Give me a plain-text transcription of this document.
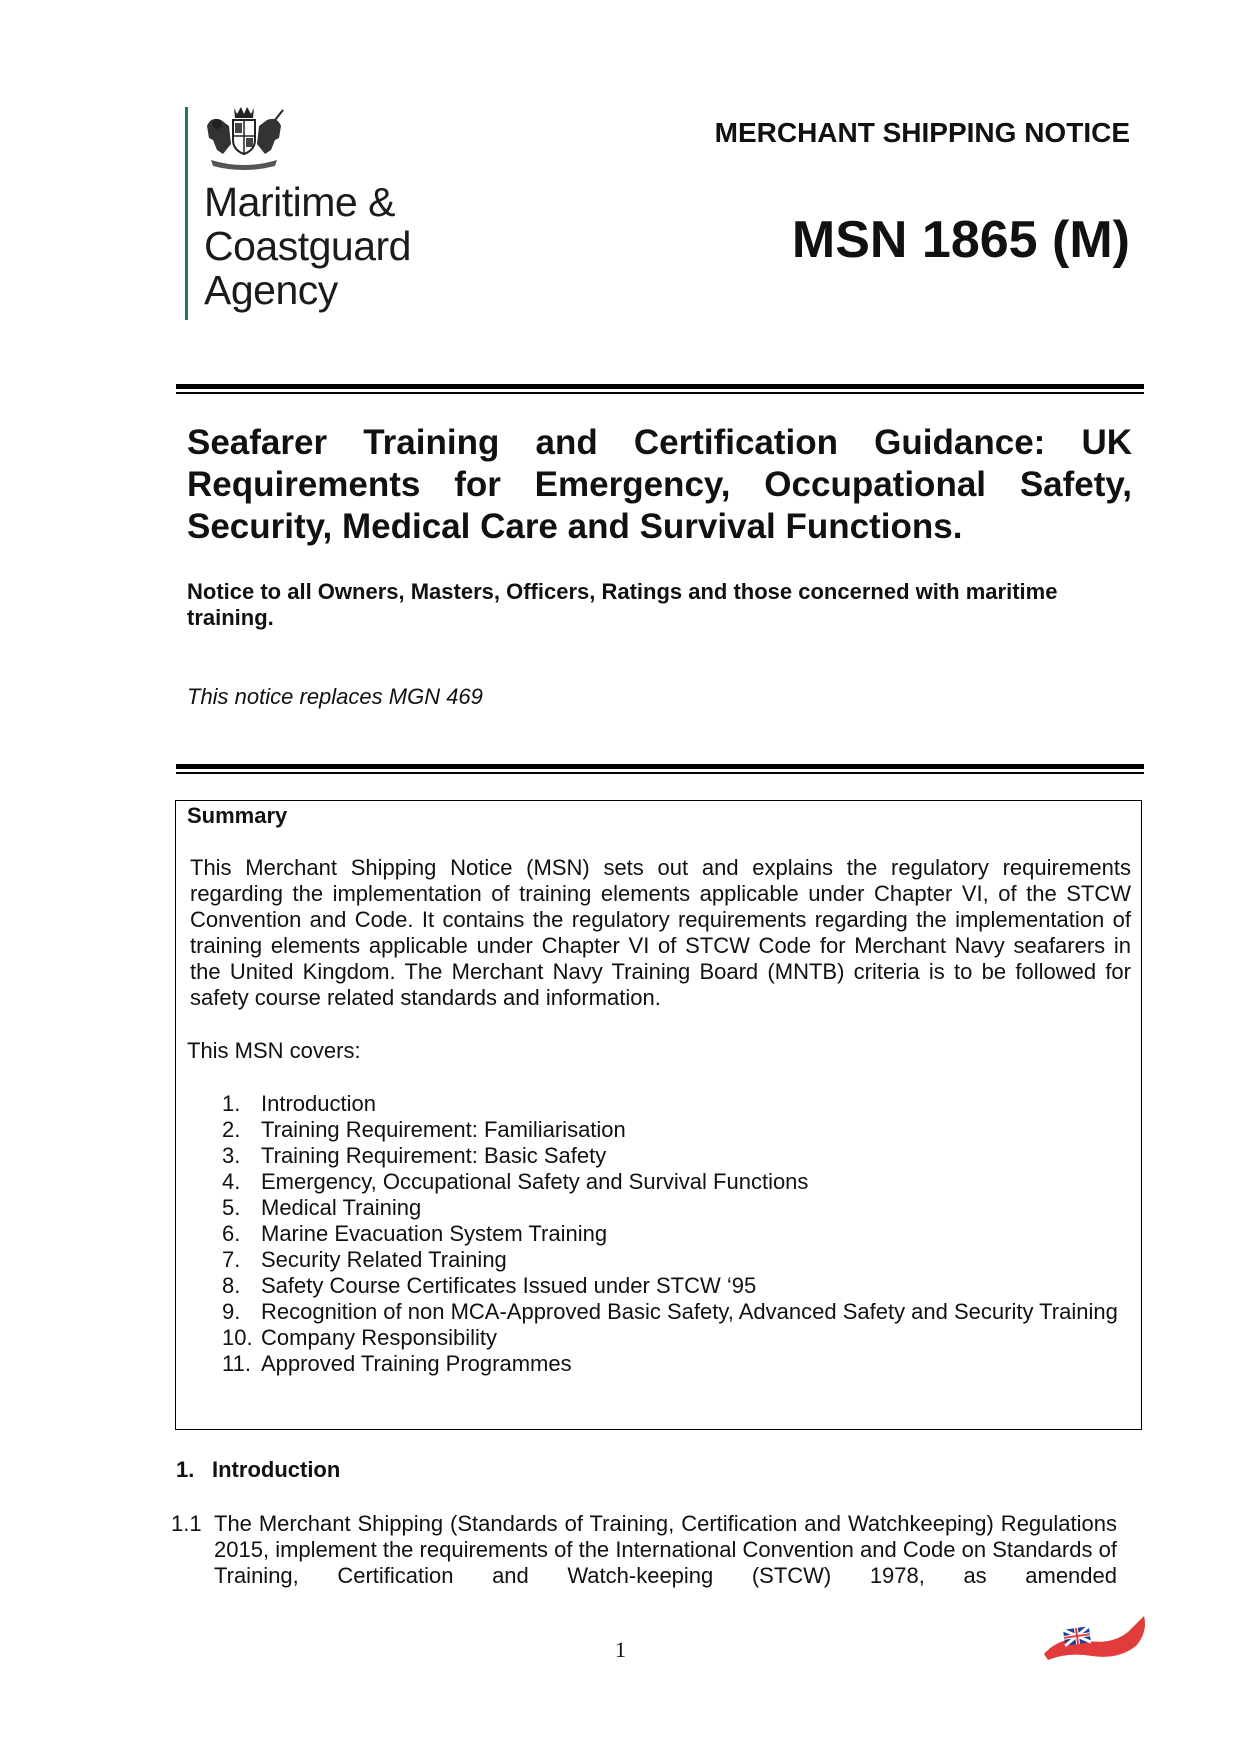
Maritime &
Coastguard
Agency
MERCHANT SHIPPING NOTICE
MSN 1865 (M)
Seafarer Training and Certification Guidance: UK Requirements for Emergency, Occupational Safety, Security, Medical Care and Survival Functions.
Notice to all Owners, Masters, Officers, Ratings and those concerned with maritime training.
This notice replaces MGN 469
Summary
This Merchant Shipping Notice (MSN) sets out and explains the regulatory requirements regarding the implementation of training elements applicable under Chapter VI, of the STCW Convention and Code. It contains the regulatory requirements regarding the implementation of training elements applicable under Chapter VI of STCW Code for Merchant Navy seafarers in the United Kingdom. The Merchant Navy Training Board (MNTB) criteria is to be followed for safety course related standards and information.
This MSN covers:
1. Introduction
2. Training Requirement: Familiarisation
3. Training Requirement: Basic Safety
4. Emergency, Occupational Safety and Survival Functions
5. Medical Training
6. Marine Evacuation System Training
7. Security Related Training
8. Safety Course Certificates Issued under STCW ‘95
9. Recognition of non MCA-Approved Basic Safety, Advanced Safety and Security Training
10. Company Responsibility
11. Approved Training Programmes
1. Introduction
1.1 The Merchant Shipping (Standards of Training, Certification and Watchkeeping) Regulations 2015, implement the requirements of the International Convention and Code on Standards of Training, Certification and Watch-keeping (STCW) 1978, as amended
1
